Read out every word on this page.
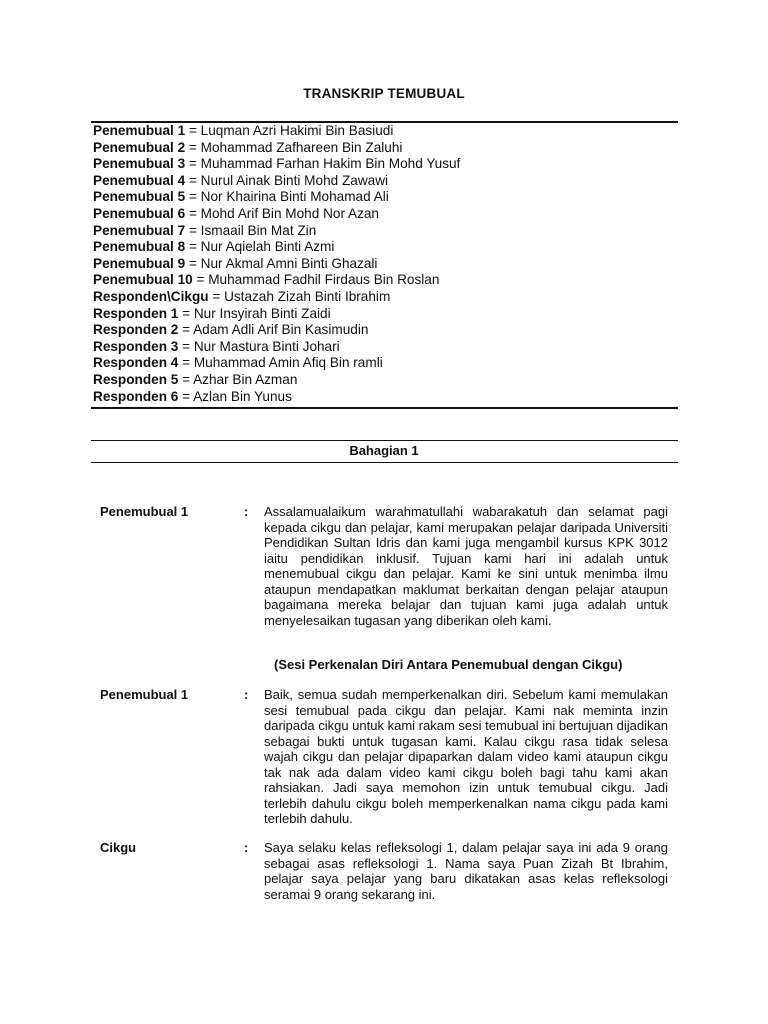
TRANSKRIP TEMUBUAL
Penemubual 1 = Luqman Azri Hakimi Bin Basiudi
Penemubual 2 = Mohammad Zafhareen Bin Zaluhi
Penemubual 3 = Muhammad Farhan Hakim Bin Mohd Yusuf
Penemubual 4 = Nurul Ainak Binti Mohd Zawawi
Penemubual 5 = Nor Khairina Binti Mohamad Ali
Penemubual 6 = Mohd Arif Bin Mohd Nor Azan
Penemubual 7 = Ismaail Bin Mat Zin
Penemubual 8 = Nur Aqielah Binti Azmi
Penemubual 9 = Nur Akmal Amni Binti Ghazali
Penemubual 10 = Muhammad Fadhil Firdaus Bin Roslan
Responden\Cikgu = Ustazah Zizah Binti Ibrahim
Responden 1 = Nur Insyirah Binti Zaidi
Responden 2 = Adam Adli Arif Bin Kasimudin
Responden 3 = Nur Mastura Binti Johari
Responden 4 = Muhammad Amin Afiq Bin ramli
Responden 5 = Azhar Bin Azman
Responden 6 = Azlan Bin Yunus
Bahagian 1
Penemubual 1	: Assalamualaikum warahmatullahi wabarakatuh dan selamat pagi kepada cikgu dan pelajar, kami merupakan pelajar daripada Universiti Pendidikan Sultan Idris dan kami juga mengambil kursus KPK 3012 iaitu pendidikan inklusif. Tujuan kami hari ini adalah untuk menemubual cikgu dan pelajar. Kami ke sini untuk menimba ilmu ataupun mendapatkan maklumat berkaitan dengan pelajar ataupun bagaimana mereka belajar dan tujuan kami juga adalah untuk menyelesaikan tugasan yang diberikan oleh kami.

(Sesi Perkenalan Diri Antara Penemubual dengan Cikgu)
Penemubual 1	: Baik, semua sudah memperkenalkan diri. Sebelum kami memulakan sesi temubual pada cikgu dan pelajar. Kami nak meminta inzin daripada cikgu untuk kami rakam sesi temubual ini bertujuan dijadikan sebagai bukti untuk tugasan kami. Kalau cikgu rasa tidak selesa wajah cikgu dan pelajar dipaparkan dalam video kami ataupun cikgu tak nak ada dalam video kami cikgu boleh bagi tahu kami akan rahsiakan. Jadi saya memohon izin untuk temubual cikgu. Jadi terlebih dahulu cikgu boleh memperkenalkan nama cikgu pada kami terlebih dahulu.

Cikgu	: Saya selaku kelas refleksologi 1, dalam pelajar saya ini ada 9 orang sebagai asas refleksologi 1. Nama saya Puan Zizah Bt Ibrahim, pelajar saya pelajar yang baru dikatakan asas kelas refleksologi seramai 9 orang sekarang ini.
